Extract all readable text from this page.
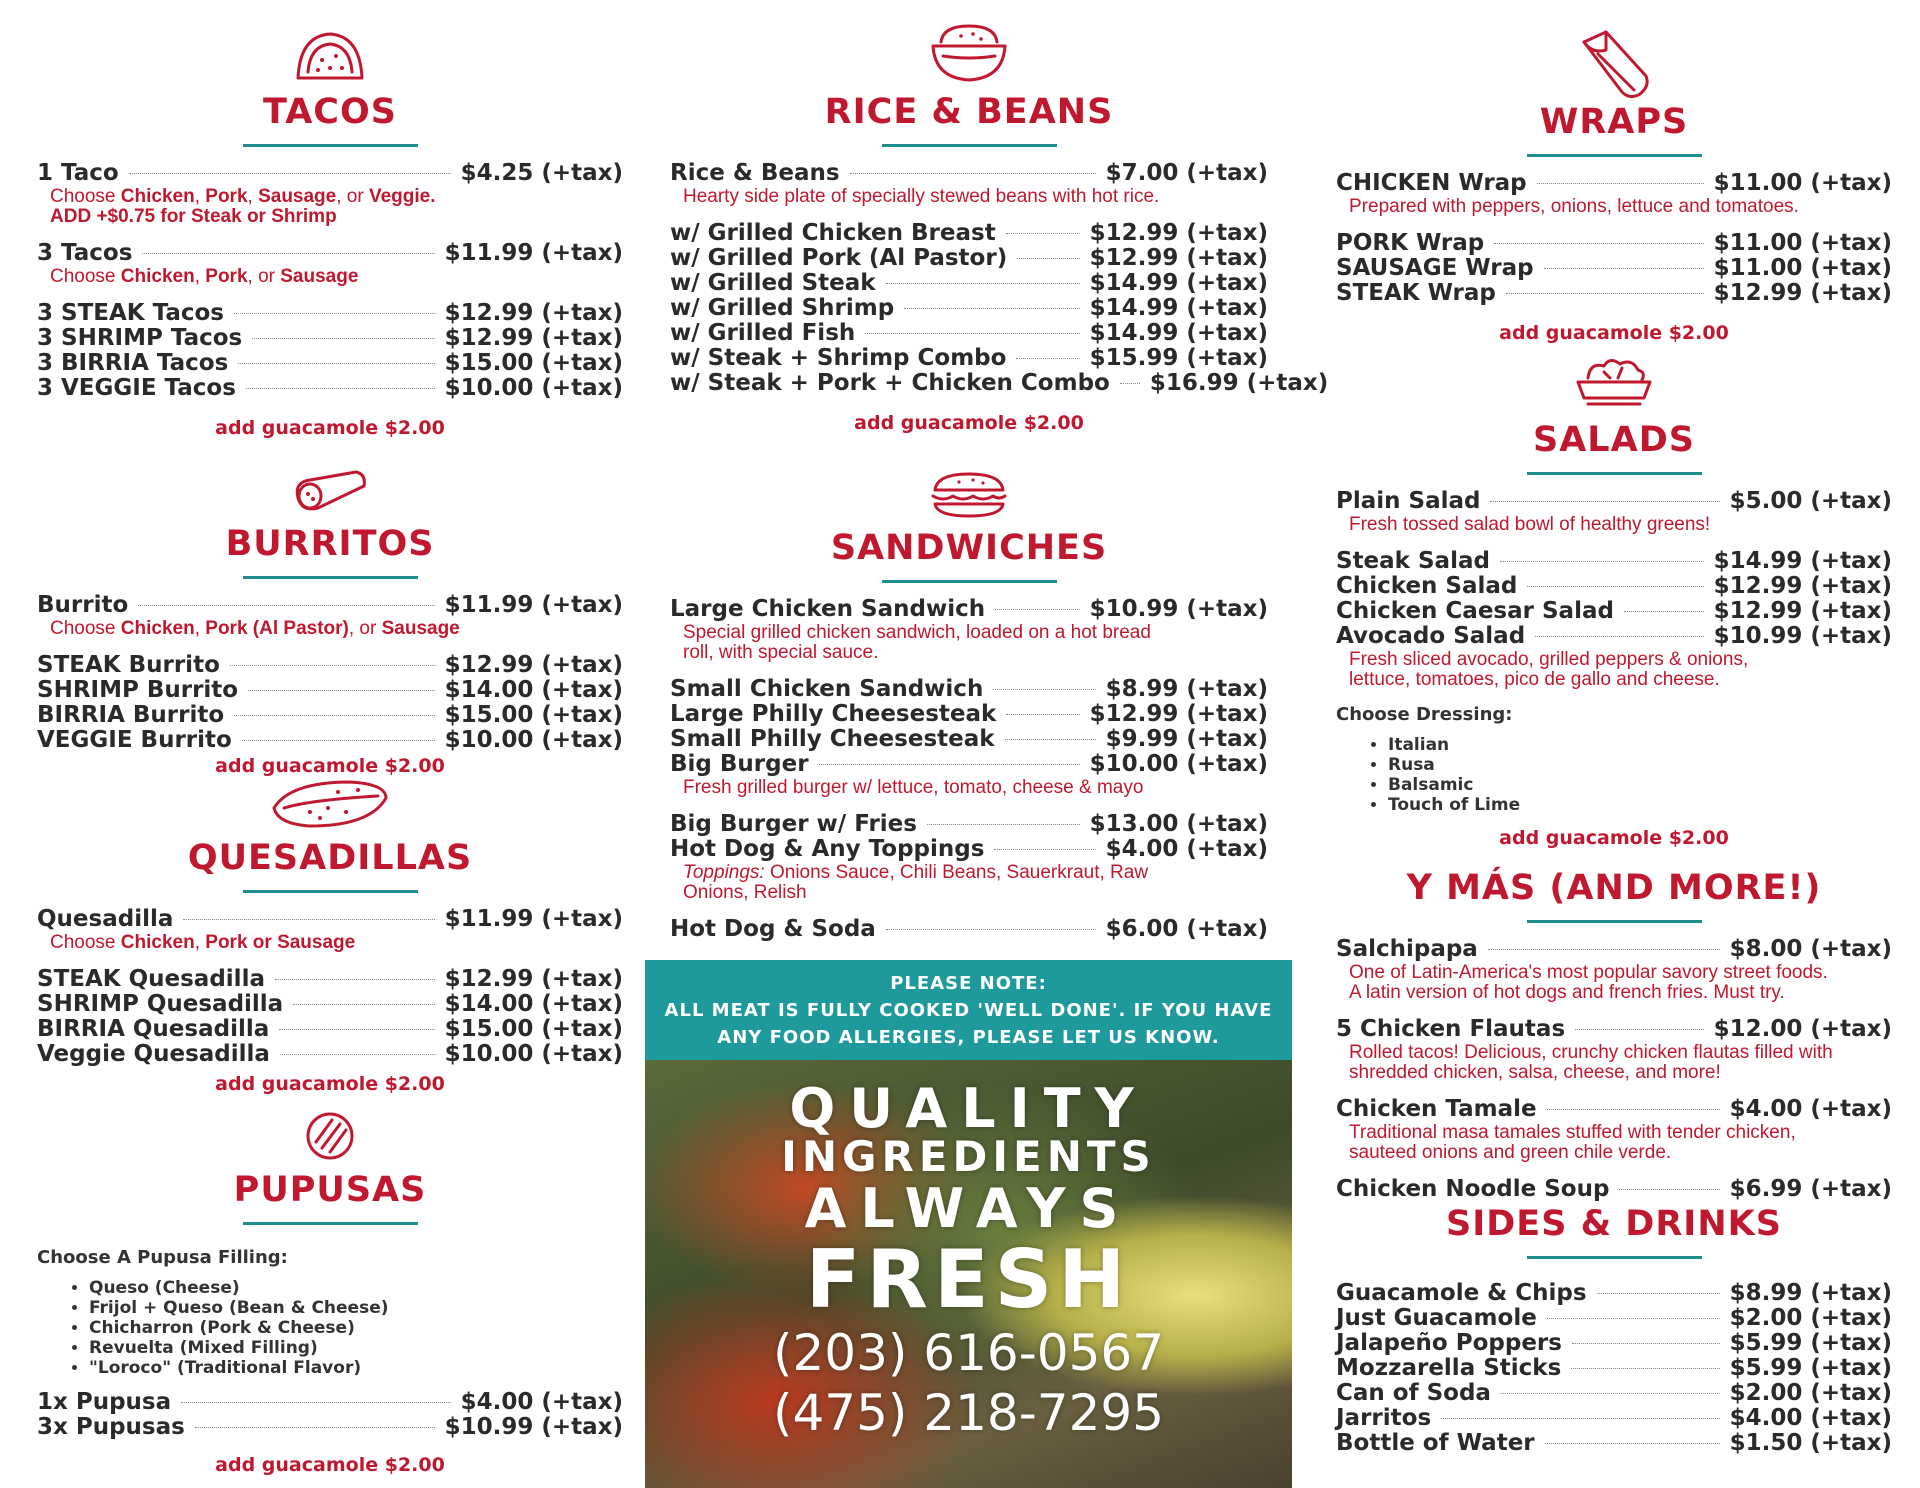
TACOS
1 Taco	$4.25 (+tax)
Choose Chicken, Pork, Sausage, or Veggie.
ADD +$0.75 for Steak or Shrimp
3 Tacos	$11.99 (+tax)
Choose Chicken, Pork, or Sausage
3 STEAK Tacos	$12.99 (+tax)
3 SHRIMP Tacos	$12.99 (+tax)
3 BIRRIA Tacos	$15.00 (+tax)
3 VEGGIE Tacos	$10.00 (+tax)
add guacamole $2.00
BURRITOS
Burrito	$11.99 (+tax)
Choose Chicken, Pork (Al Pastor), or Sausage
STEAK Burrito	$12.99 (+tax)
SHRIMP Burrito	$14.00 (+tax)
BIRRIA Burrito	$15.00 (+tax)
VEGGIE Burrito	$10.00 (+tax)
add guacamole $2.00
QUESADILLAS
Quesadilla	$11.99 (+tax)
Choose Chicken, Pork or Sausage
STEAK Quesadilla	$12.99 (+tax)
SHRIMP Quesadilla	$14.00 (+tax)
BIRRIA Quesadilla	$15.00 (+tax)
Veggie Quesadilla	$10.00 (+tax)
add guacamole $2.00
PUPUSAS
Choose A Pupusa Filling:
• Queso (Cheese)
• Frijol + Queso (Bean & Cheese)
• Chicharron (Pork & Cheese)
• Revuelta (Mixed Filling)
• "Loroco" (Traditional Flavor)
1x Pupusa	$4.00 (+tax)
3x Pupusas	$10.99 (+tax)
add guacamole $2.00
RICE & BEANS
Rice & Beans	$7.00 (+tax)
Hearty side plate of specially stewed beans with hot rice.
w/ Grilled Chicken Breast	$12.99 (+tax)
w/ Grilled Pork (Al Pastor)	$12.99 (+tax)
w/ Grilled Steak	$14.99 (+tax)
w/ Grilled Shrimp	$14.99 (+tax)
w/ Grilled Fish	$14.99 (+tax)
w/ Steak + Shrimp Combo	$15.99 (+tax)
w/ Steak + Pork + Chicken Combo $16.99 (+tax)
add guacamole $2.00
SANDWICHES
Large Chicken Sandwich	$10.99 (+tax)
Special grilled chicken sandwich, loaded on a hot bread
roll, with special sauce.
Small Chicken Sandwich	$8.99 (+tax)
Large Philly Cheesesteak	$12.99 (+tax)
Small Philly Cheesesteak	$9.99 (+tax)
Big Burger	$10.00 (+tax)
Fresh grilled burger w/ lettuce, tomato, cheese & mayo
Big Burger w/ Fries	$13.00 (+tax)
Hot Dog & Any Toppings	$4.00 (+tax)
Toppings: Onions Sauce, Chili Beans, Sauerkraut, Raw
Onions, Relish
Hot Dog & Soda	$6.00 (+tax)
PLEASE NOTE:
ALL MEAT IS FULLY COOKED 'WELL DONE'. IF YOU HAVE
ANY FOOD ALLERGIES, PLEASE LET US KNOW.
QUALITY
INGREDIENTS
ALWAYS
FRESH
(203) 616-0567
(475) 218-7295
WRAPS
CHICKEN Wrap	$11.00 (+tax)
Prepared with peppers, onions, lettuce and tomatoes.
PORK Wrap	$11.00 (+tax)
SAUSAGE Wrap	$11.00 (+tax)
STEAK Wrap	$12.99 (+tax)
add guacamole $2.00
SALADS
Plain Salad	$5.00 (+tax)
Fresh tossed salad bowl of healthy greens!
Steak Salad	$14.99 (+tax)
Chicken Salad	$12.99 (+tax)
Chicken Caesar Salad	$12.99 (+tax)
Avocado Salad	$10.99 (+tax)
Fresh sliced avocado, grilled peppers & onions,
lettuce, tomatoes, pico de gallo and cheese.
Choose Dressing:
• Italian
• Rusa
• Balsamic
• Touch of Lime
add guacamole $2.00
Y MÁS (AND MORE!)
Salchipapa	$8.00 (+tax)
One of Latin-America's most popular savory street foods.
A latin version of hot dogs and french fries. Must try.
5 Chicken Flautas	$12.00 (+tax)
Rolled tacos! Delicious, crunchy chicken flautas filled with
shredded chicken, salsa, cheese, and more!
Chicken Tamale	$4.00 (+tax)
Traditional masa tamales stuffed with tender chicken,
sauteed onions and green chile verde.
Chicken Noodle Soup	$6.99 (+tax)
SIDES & DRINKS
Guacamole & Chips	$8.99 (+tax)
Just Guacamole	$2.00 (+tax)
Jalapeño Poppers	$5.99 (+tax)
Mozzarella Sticks	$5.99 (+tax)
Can of Soda	$2.00 (+tax)
Jarritos	$4.00 (+tax)
Bottle of Water	$1.50 (+tax)
